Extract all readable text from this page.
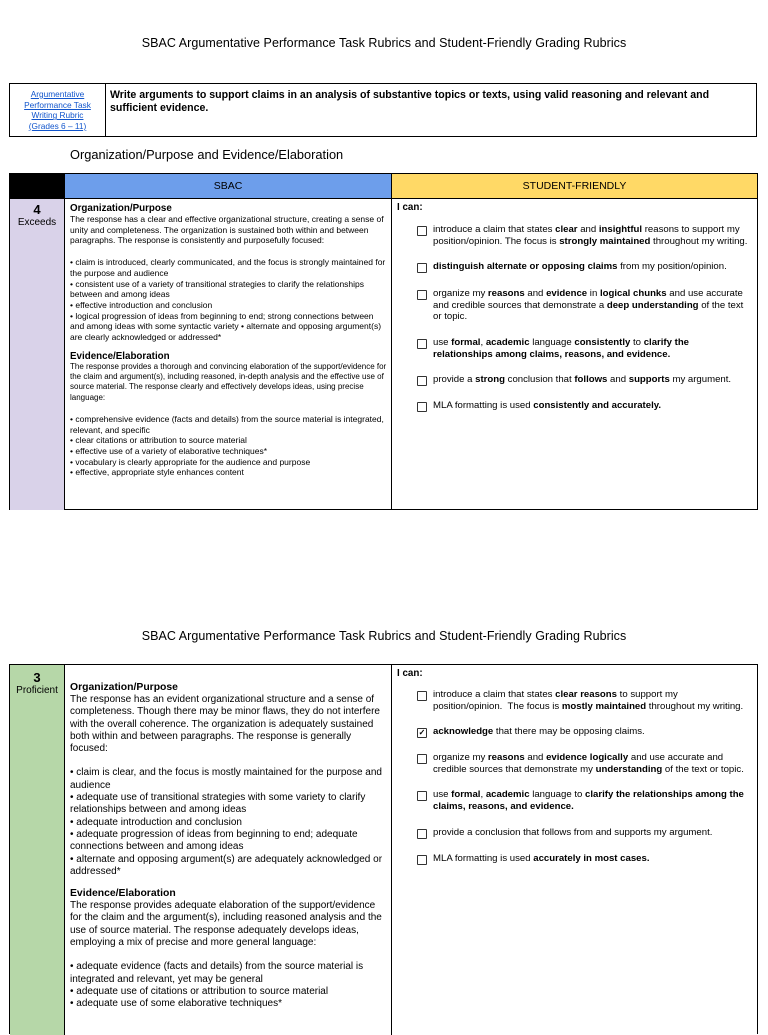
SBAC Argumentative Performance Task Rubrics and Student-Friendly Grading Rubrics
Argumentative
Performance Task
Writing Rubric
(Grades 6 – 11)
Write arguments to support claims in an analysis of substantive topics or texts, using valid reasoning and relevant and sufficient evidence.
Organization/Purpose and Evidence/Elaboration
SBAC	STUDENT-FRIENDLY
4
Exceeds
Organization/Purpose
The response has a clear and effective organizational structure, creating a sense of unity and completeness. The organization is sustained both within and between paragraphs. The response is consistently and purposefully focused:
• claim is introduced, clearly communicated, and the focus is strongly maintained for the purpose and audience
• consistent use of a variety of transitional strategies to clarify the relationships between and among ideas
• effective introduction and conclusion
• logical progression of ideas from beginning to end; strong connections between and among ideas with some syntactic variety • alternate and opposing argument(s) are clearly acknowledged or addressed*
Evidence/Elaboration
The response provides a thorough and convincing elaboration of the support/evidence for the claim and argument(s), including reasoned, in-depth analysis and the effective use of source material. The response clearly and effectively develops ideas, using precise language:
• comprehensive evidence (facts and details) from the source material is integrated, relevant, and specific
• clear citations or attribution to source material
• effective use of a variety of elaborative techniques*
• vocabulary is clearly appropriate for the audience and purpose
• effective, appropriate style enhances content
I can:
introduce a claim that states clear and insightful reasons to support my position/opinion. The focus is strongly maintained throughout my writing.
distinguish alternate or opposing claims from my position/opinion.
organize my reasons and evidence in logical chunks and use accurate and credible sources that demonstrate a deep understanding of the text or topic.
use formal, academic language consistently to clarify the relationships among claims, reasons, and evidence.
provide a strong conclusion that follows and supports my argument.
MLA formatting is used consistently and accurately.
SBAC Argumentative Performance Task Rubrics and Student-Friendly Grading Rubrics
3
Proficient	Organization/Purpose
The response has an evident organizational structure and a sense of completeness. Though there may be minor flaws, they do not interfere with the overall coherence. The organization is adequately sustained both within and between paragraphs. The response is generally focused:
• claim is clear, and the focus is mostly maintained for the purpose and audience
• adequate use of transitional strategies with some variety to clarify relationships between and among ideas
• adequate introduction and conclusion
• adequate progression of ideas from beginning to end; adequate connections between and among ideas
• alternate and opposing argument(s) are adequately acknowledged or addressed*
Evidence/Elaboration
The response provides adequate elaboration of the support/evidence for the claim and the argument(s), including reasoned analysis and the use of source material. The response adequately develops ideas, employing a mix of precise and more general language:
• adequate evidence (facts and details) from the source material is integrated and relevant, yet may be general
• adequate use of citations or attribution to source material
• adequate use of some elaborative techniques*
I can:
introduce a claim that states clear reasons to support my position/opinion.  The focus is mostly maintained throughout my writing.
✓ acknowledge that there may be opposing claims.
organize my reasons and evidence logically and use accurate and credible sources that demonstrate my understanding of the text or topic.
use formal, academic language to clarify the relationships among the claims, reasons, and evidence.
provide a conclusion that follows from and supports my argument.
MLA formatting is used accurately in most cases.
